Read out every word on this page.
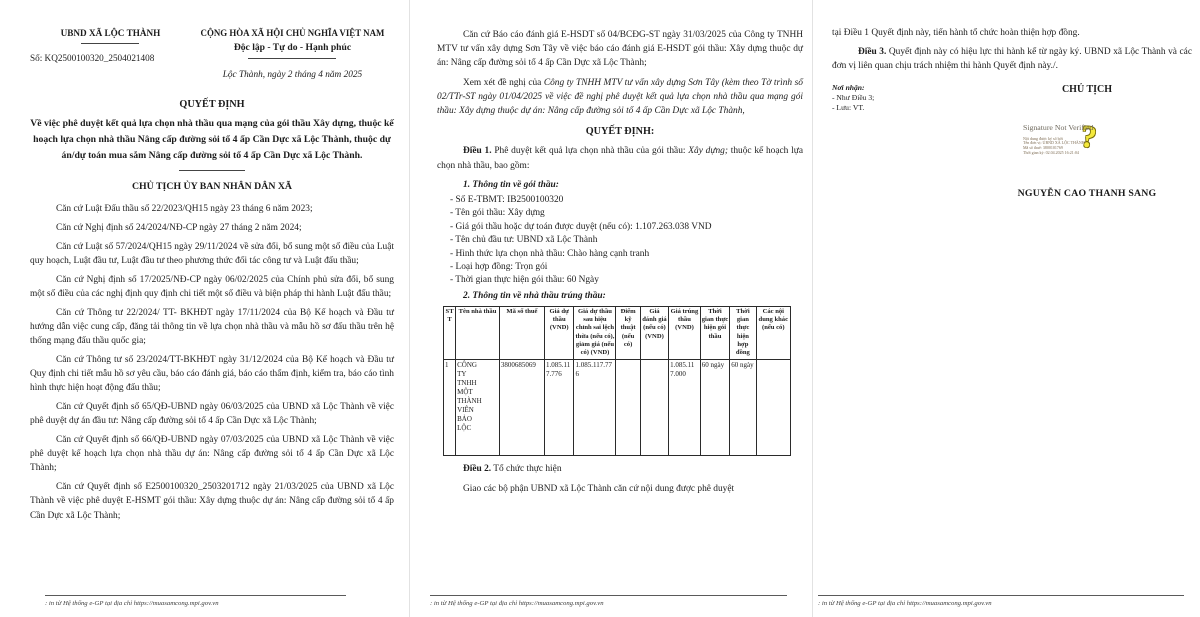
UBND XÃ LỘC THÀNH
Số: KQ2500100320_2504021408
CỘNG HÒA XÃ HỘI CHỦ NGHĨA VIỆT NAM
Độc lập - Tự do - Hạnh phúc
Lộc Thành, ngày 2 tháng 4 năm 2025
QUYẾT ĐỊNH
Về việc phê duyệt kết quả lựa chọn nhà thầu qua mạng của gói thầu Xây dựng, thuộc kế hoạch lựa chọn nhà thầu Nâng cấp đường sỏi tổ 4 ấp Cần Dực xã Lộc Thành, thuộc dự án/dự toán mua sắm Nâng cấp đường sỏi tổ 4 ấp Cần Dực xã Lộc Thành.
CHỦ TỊCH ỦY BAN NHÂN DÂN XÃ

Căn cứ Luật Đấu thầu số 22/2023/QH15 ngày 23 tháng 6 năm 2023;

Căn cứ Nghị định số 24/2024/NĐ-CP ngày 27 tháng 2 năm 2024;

Căn cứ Luật số 57/2024/QH15 ngày 29/11/2024 về sửa đổi, bổ sung một số điều của Luật quy hoạch, Luật đầu tư, Luật đầu tư theo phương thức đối tác công tư và Luật đấu thầu;

Căn cứ Nghị định số 17/2025/NĐ-CP ngày 06/02/2025 của Chính phủ sửa đổi, bổ sung một số điều của các nghị định quy định chi tiết một số điều và biện pháp thi hành Luật đấu thầu;

Căn cứ Thông tư 22/2024/ TT- BKHĐT ngày 17/11/2024 của Bộ Kế hoạch và Đầu tư hướng dẫn việc cung cấp, đăng tải thông tin về lựa chọn nhà thầu và mẫu hồ sơ đấu thầu trên hệ thống mạng đấu thầu quốc gia;

Căn cứ Thông tư số 23/2024/TT-BKHĐT ngày 31/12/2024 của Bộ Kế hoạch và Đầu tư Quy định chi tiết mẫu hồ sơ yêu cầu, báo cáo đánh giá, báo cáo thẩm định, kiểm tra, báo cáo tình hình thực hiện hoạt động đấu thầu;

Căn cứ Quyết định số 65/QĐ-UBND ngày 06/03/2025 của UBND xã Lộc Thành về việc phê duyệt dự án đầu tư: Nâng cấp đường sỏi tổ 4 ấp Cần Dực xã Lộc Thành;

Căn cứ Quyết định số 66/QĐ-UBND ngày 07/03/2025 của UBND xã Lộc Thành về việc phê duyệt kế hoạch lựa chọn nhà thầu dự án: Nâng cấp đường sỏi tổ 4 ấp Cần Dực xã Lộc Thành;

Căn cứ Quyết định số E2500100320_2503201712 ngày 21/03/2025 của UBND xã Lộc Thành về việc phê duyệt E-HSMT gói thầu: Xây dựng thuộc dự án: Nâng cấp đường sỏi tổ 4 ấp Cần Dực xã Lộc Thành;

: in từ Hệ thống e-GP tại địa chỉ https://muasamcong.mpi.gov.vn

Căn cứ Báo cáo đánh giá E-HSDT số 04/BCĐG-ST ngày 31/03/2025 của Công ty TNHH MTV tư vấn xây dựng Sơn Tây về việc báo cáo đánh giá E-HSDT gói thầu: Xây dựng thuộc dự án: Nâng cấp đường sỏi tổ 4 ấp Cần Dực xã Lộc Thành;

Xem xét đề nghị của Công ty TNHH MTV tư vấn xây dựng Sơn Tây (kèm theo Tờ trình số 02/TTr-ST ngày 01/04/2025 về việc đề nghị phê duyệt kết quả lựa chọn nhà thầu qua mạng gói thầu: Xây dựng thuộc dự án: Nâng cấp đường sỏi tổ 4 ấp Cần Dực xã Lộc Thành,

QUYẾT ĐỊNH:

Điều 1. Phê duyệt kết quả lựa chọn nhà thầu của gói thầu: Xây dựng; thuộc kế hoạch lựa chọn nhà thầu, bao gồm:

1. Thông tin về gói thầu:

- Số E-TBMT: IB2500100320

- Tên gói thầu: Xây dựng

- Giá gói thầu hoặc dự toán được duyệt (nếu có): 1.107.263.038 VND

- Tên chủ đầu tư: UBND xã Lộc Thành

- Hình thức lựa chọn nhà thầu: Chào hàng cạnh tranh

- Loại hợp đồng: Trọn gói

- Thời gian thực hiện gói thầu: 60 Ngày

2. Thông tin về nhà thầu trúng thầu:
STT	Tên nhà thầu	Mã số thuế	Giá dự thầu (VND)	Giá dự thầu sau hiệu chỉnh sai lệch thừa (nếu có), giảm giá (nếu có) (VND)	Điểm kỹ thuật (nếu có)	Giá đánh giá (nếu có) (VND)	Giá trúng thầu (VND)	Thời gian thực hiện gói thầu	Thời gian thực hiện hợp đồng	Các nội dung khác (nếu có)
1	CÔNG TY TNHH MỘT THÀNH VIÊN BẢO LỘC	3800685069	1.085.117.776	1.085.117.776			1.085.117.000	60 ngày	60 ngày	

Điều 2. Tổ chức thực hiện

Giao các bộ phận UBND xã Lộc Thành căn cứ nội dung được phê duyệt

: in từ Hệ thống e-GP tại địa chỉ https://muasamcong.mpi.gov.vn

tại Điều 1 Quyết định này, tiến hành tổ chức hoàn thiện hợp đồng.

Điều 3. Quyết định này có hiệu lực thi hành kể từ ngày ký. UBND xã Lộc Thành và các đơn vị liên quan chịu trách nhiệm thi hành Quyết định này./.

Nơi nhận:
- Như Điều 3;
- Lưu: VT.
CHỦ TỊCH
?
Signature Not Verified
Nội dung được ký số bởi
Tên đơn vị: UBND XÃ LỘC THÀNH
Mã số thuế: 3800101769
Thời gian ký: 02.04.2025 16:21:04
NGUYỄN CAO THANH SANG
: in từ Hệ thống e-GP tại địa chỉ https://muasamcong.mpi.gov.vn
